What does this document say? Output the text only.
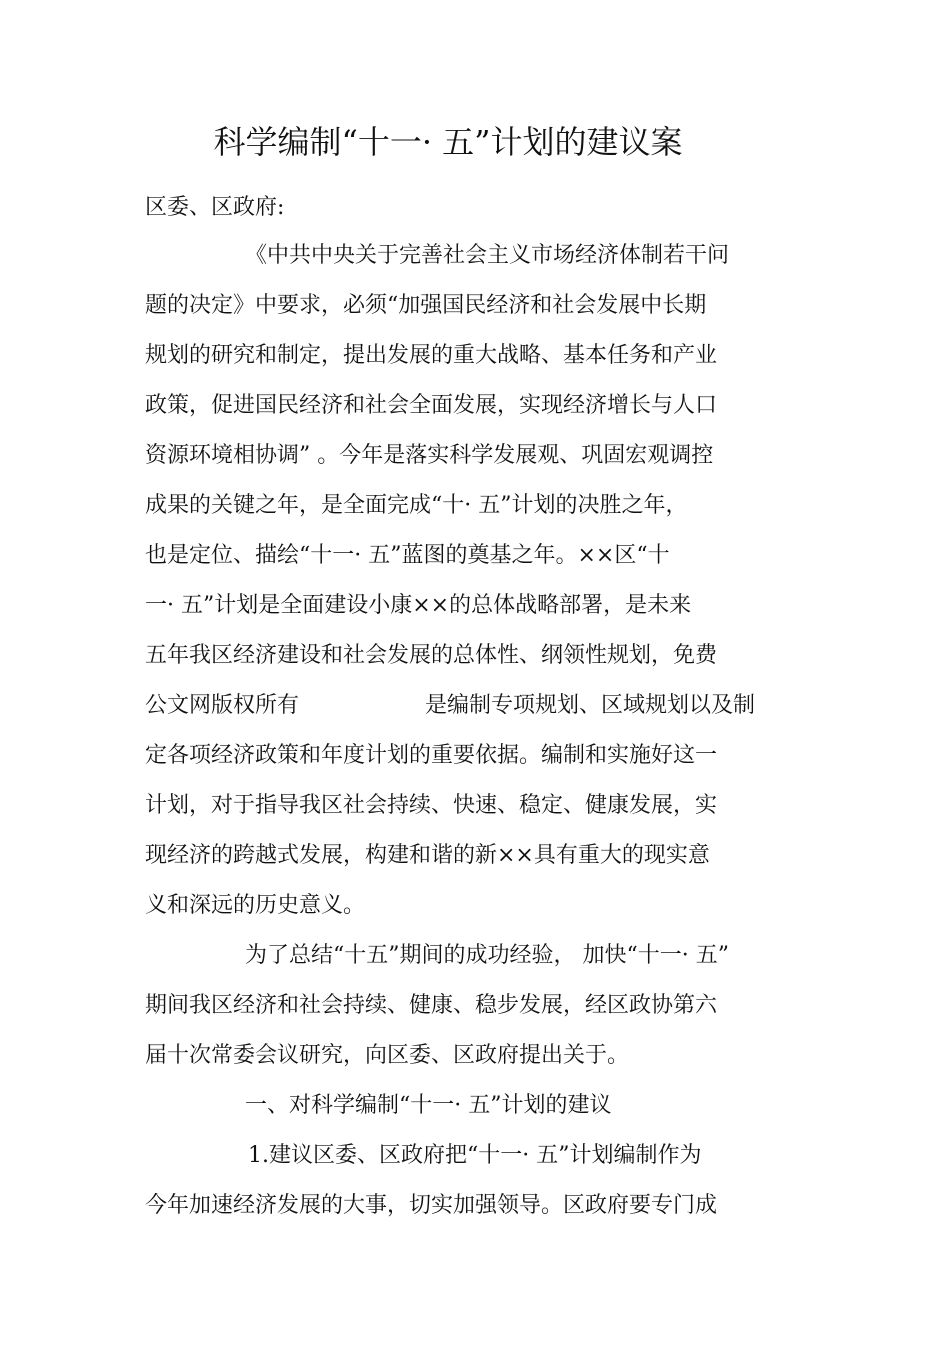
科学编制“十一· 五”计划的建议案
区委、区政府:
《中共中央关于完善社会主义市场经济体制若干问
题的决定》中要求，必须“加强国民经济和社会发展中长期
规划的研究和制定，提出发展的重大战略、基本任务和产业
政策，促进国民经济和社会全面发展，实现经济增长与人口
资源环境相协调” 。今年是落实科学发展观、巩固宏观调控
成果的关键之年，是全面完成“十· 五”计划的决胜之年，
也是定位、描绘“十一· 五”蓝图的奠基之年。××区“十
一· 五”计划是全面建设小康××的总体战略部署，是未来
五年我区经济建设和社会发展的总体性、纲领性规划，免费
公文网版权所有	是编制专项规划、区域规划以及制
定各项经济政策和年度计划的重要依据。编制和实施好这一
计划，对于指导我区社会持续、快速、稳定、健康发展，实
现经济的跨越式发展，构建和谐的新××具有重大的现实意
义和深远的历史意义。
为了总结“十五”期间的成功经验， 加快“十一· 五”
期间我区经济和社会持续、健康、稳步发展，经区政协第六
届十次常委会议研究，向区委、区政府提出关于。
一、对科学编制“十一· 五”计划的建议
1.建议区委、区政府把“十一· 五”计划编制作为
今年加速经济发展的大事，切实加强领导。区政府要专门成
